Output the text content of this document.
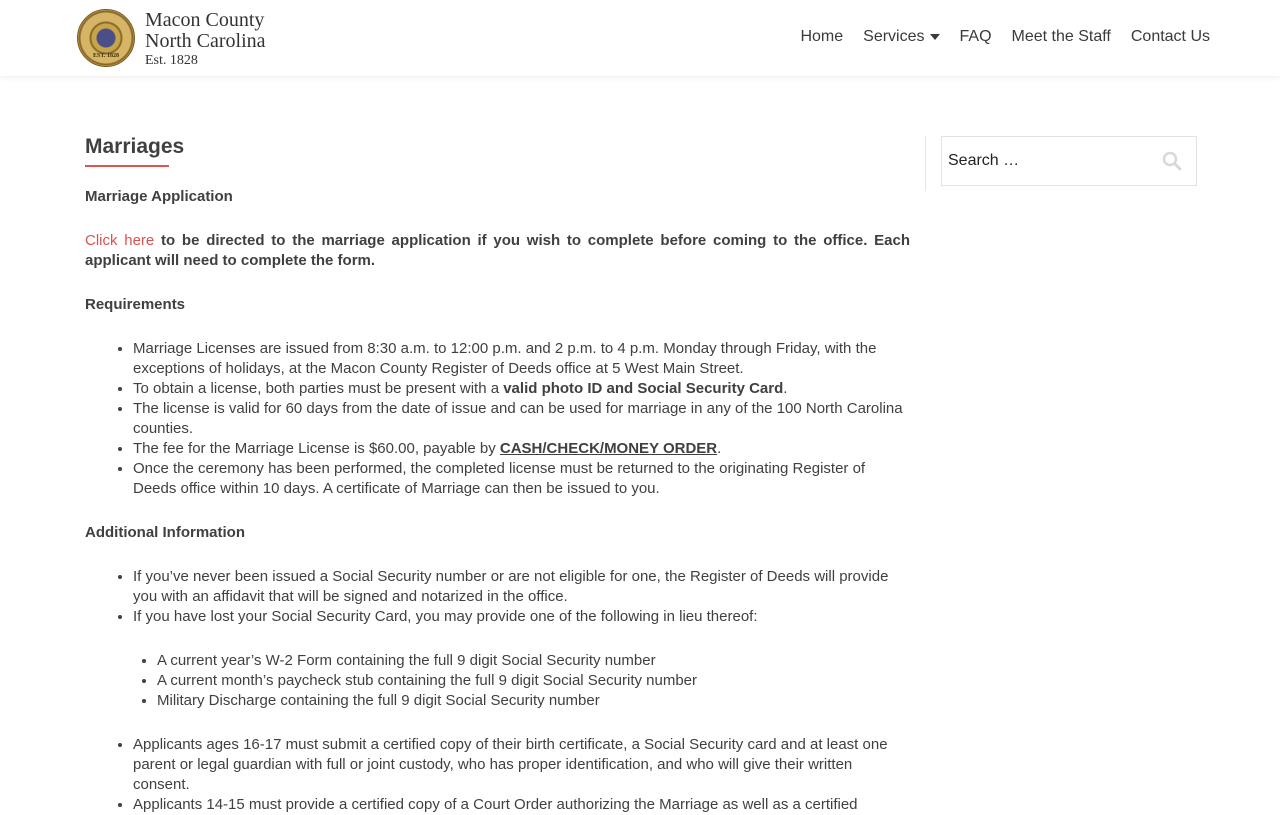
EST. 1828
Macon County
North Carolina
Est. 1828
Home Services FAQ Meet the Staff Contact Us
Marriages
Marriage Application

Click here to be directed to the marriage application if you wish to complete before coming to the office. Each applicant will need to complete the form.

Requirements
• Marriage Licenses are issued from 8:30 a.m. to 12:00 p.m. and 2 p.m. to 4 p.m. Monday through Friday, with the exceptions of holidays, at the Macon County Register of Deeds office at 5 West Main Street.
• To obtain a license, both parties must be present with a valid photo ID and Social Security Card.
• The license is valid for 60 days from the date of issue and can be used for marriage in any of the 100 North Carolina counties.
• The fee for the Marriage License is $60.00, payable by CASH/CHECK/MONEY ORDER.
• Once the ceremony has been performed, the completed license must be returned to the originating Register of Deeds office within 10 days. A certificate of Marriage can then be issued to you.
Additional Information
• If you’ve never been issued a Social Security number or are not eligible for one, the Register of Deeds will provide you with an affidavit that will be signed and notarized in the office.
• If you have lost your Social Security Card, you may provide one of the following in lieu thereof:
• A current year’s W-2 Form containing the full 9 digit Social Security number
• A current month’s paycheck stub containing the full 9 digit Social Security number
• Military Discharge containing the full 9 digit Social Security number
• Applicants ages 16-17 must submit a certified copy of their birth certificate, a Social Security card and at least one parent or legal guardian with full or joint custody, who has proper identification, and who will give their written consent.
• Applicants 14-15 must provide a certified copy of a Court Order authorizing the Marriage as well as a certified
Search …
